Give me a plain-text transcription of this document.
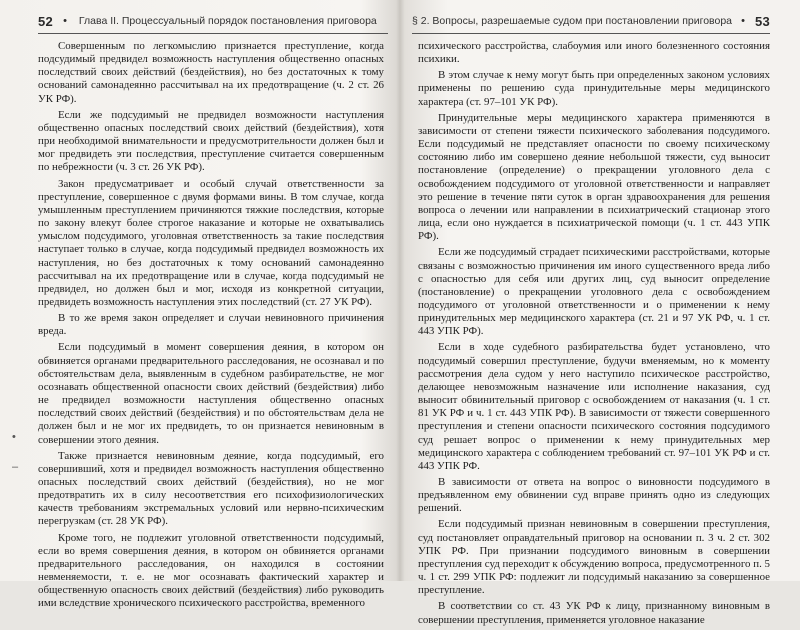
52 • Глава II. Процессуальный порядок постановления приговора

Совершенным по легкомыслию признается преступление, когда подсудимый предвидел возможность наступления общественно опасных последствий своих действий (бездействия), но без достаточных к тому оснований самонадеянно рассчитывал на их предотвращение (ч. 2 ст. 26 УК РФ).

Если же подсудимый не предвидел возможности наступления общественно опасных последствий своих действий (бездействия), хотя при необходимой внимательности и предусмотрительности должен был и мог предвидеть эти последствия, преступление считается совершенным по небрежности (ч. 3 ст. 26 УК РФ).

Закон предусматривает и особый случай ответственности за преступление, совершенное с двумя формами вины. В том случае, когда умышленным преступлением причиняются тяжкие последствия, которые по закону влекут более строгое наказание и которые не охватывались умыслом подсудимого, уголовная ответственность за такие последствия наступает только в случае, когда подсудимый предвидел возможность их наступления, но без достаточных к тому оснований самонадеянно рассчитывал на их предотвращение или в случае, когда подсудимый не предвидел, но должен был и мог, исходя из конкретной ситуации, предвидеть возможность наступления этих последствий (ст. 27 УК РФ).

В то же время закон определяет и случаи невиновного причинения вреда.

Если подсудимый в момент совершения деяния, в котором он обвиняется органами предварительного расследования, не осознавал и по обстоятельствам дела, выявленным в судебном разбирательстве, не мог осознавать общественной опасности своих действий (бездействия) либо не предвидел возможности наступления общественно опасных последствий своих действий (бездействия) и по обстоятельствам дела не должен был и не мог их предвидеть, то он признается невиновным в совершении этого деяния.

Также признается невиновным деяние, когда подсудимый, его совершивший, хотя и предвидел возможность наступления общественно опасных последствий своих действий (бездействия), но не мог предотвратить их в силу несоответствия его психофизиологических качеств требованиям экстремальных условий или нервно-психическим перегрузкам (ст. 28 УК РФ).

Кроме того, не подлежит уголовной ответственности подсудимый, если во время совершения деяния, в котором он обвиняется органами предварительного расследования, он находился в состоянии невменяемости, т. е. не мог осознавать фактический характер и общественную опасность своих действий (бездействия) либо руководить ими вследствие хронического психического расстройства, временного

•
–
§ 2. Вопросы, разрешаемые судом при постановлении приговора • 53

психического расстройства, слабоумия или иного болезненного состояния психики.

В этом случае к нему могут быть при определенных законом условиях применены по решению суда принудительные меры медицинского характера (ст. 97–101 УК РФ).

Принудительные меры медицинского характера применяются в зависимости от степени тяжести психического заболевания подсудимого. Если подсудимый не представляет опасности по своему психическому состоянию либо им совершено деяние небольшой тяжести, суд выносит постановление (определение) о прекращении уголовного дела с освобождением подсудимого от уголовной ответственности и направляет это решение в течение пяти суток в орган здравоохранения для решения вопроса о лечении или направлении в психиатрический стационар этого лица, если оно нуждается в психиатрической помощи (ч. 1 ст. 443 УПК РФ).

Если же подсудимый страдает психическими расстройствами, которые связаны с возможностью причинения им иного существенного вреда либо с опасностью для себя или других лиц, суд выносит определение (постановление) о прекращении уголовного дела с освобождением подсудимого от уголовной ответственности и о применении к нему принудительных мер медицинского характера (ст. 21 и 97 УК РФ, ч. 1 ст. 443 УПК РФ).

Если в ходе судебного разбирательства будет установлено, что подсудимый совершил преступление, будучи вменяемым, но к моменту рассмотрения дела судом у него наступило психическое расстройство, делающее невозможным назначение или исполнение наказания, суд выносит обвинительный приговор с освобождением от наказания (ч. 1 ст. 81 УК РФ и ч. 1 ст. 443 УПК РФ). В зависимости от тяжести совершенного преступления и степени опасности психического состояния подсудимого суд решает вопрос о применении к нему принудительных мер медицинского характера с соблюдением требований ст. 97–101 УК РФ и ст. 443 УПК РФ.

В зависимости от ответа на вопрос о виновности подсудимого в предъявленном ему обвинении суд вправе принять одно из следующих решений.

Если подсудимый признан невиновным в совершении преступления, суд постановляет оправдательный приговор на основании п. 3 ч. 2 ст. 302 УПК РФ. При признании подсудимого виновным в совершении преступления суд переходит к обсуждению вопроса, предусмотренного п. 5 ч. 1 ст. 299 УПК РФ: подлежит ли подсудимый наказанию за совершенное преступление.

В соответствии со ст. 43 УК РФ к лицу, признанному виновным в совершении преступления, применяется уголовное наказание
